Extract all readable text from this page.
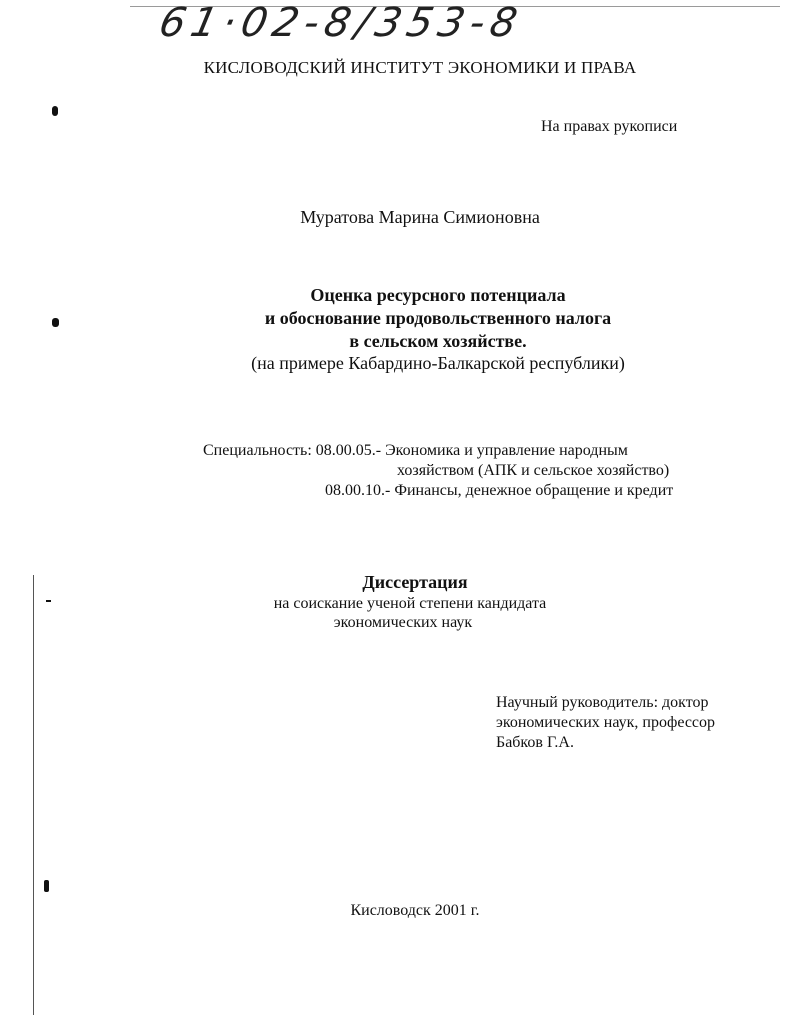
61·02-8/353-8
КИСЛОВОДСКИЙ ИНСТИТУТ ЭКОНОМИКИ И ПРАВА
На правах рукописи
Муратова Марина Симионовна
Оценка ресурсного потенциала
и обоснование продовольственного налога
в сельском хозяйстве.
(на примере Кабардино-Балкарской республики)
Специальность: 08.00.05.- Экономика и управление народным
хозяйством (АПК и сельское хозяйство)
08.00.10.- Финансы, денежное обращение и кредит
Диссертация
на соискание ученой степени кандидата
экономических наук
Научный руководитель: доктор
экономических наук, профессор
Бабков Г.А.
Кисловодск 2001 г.
